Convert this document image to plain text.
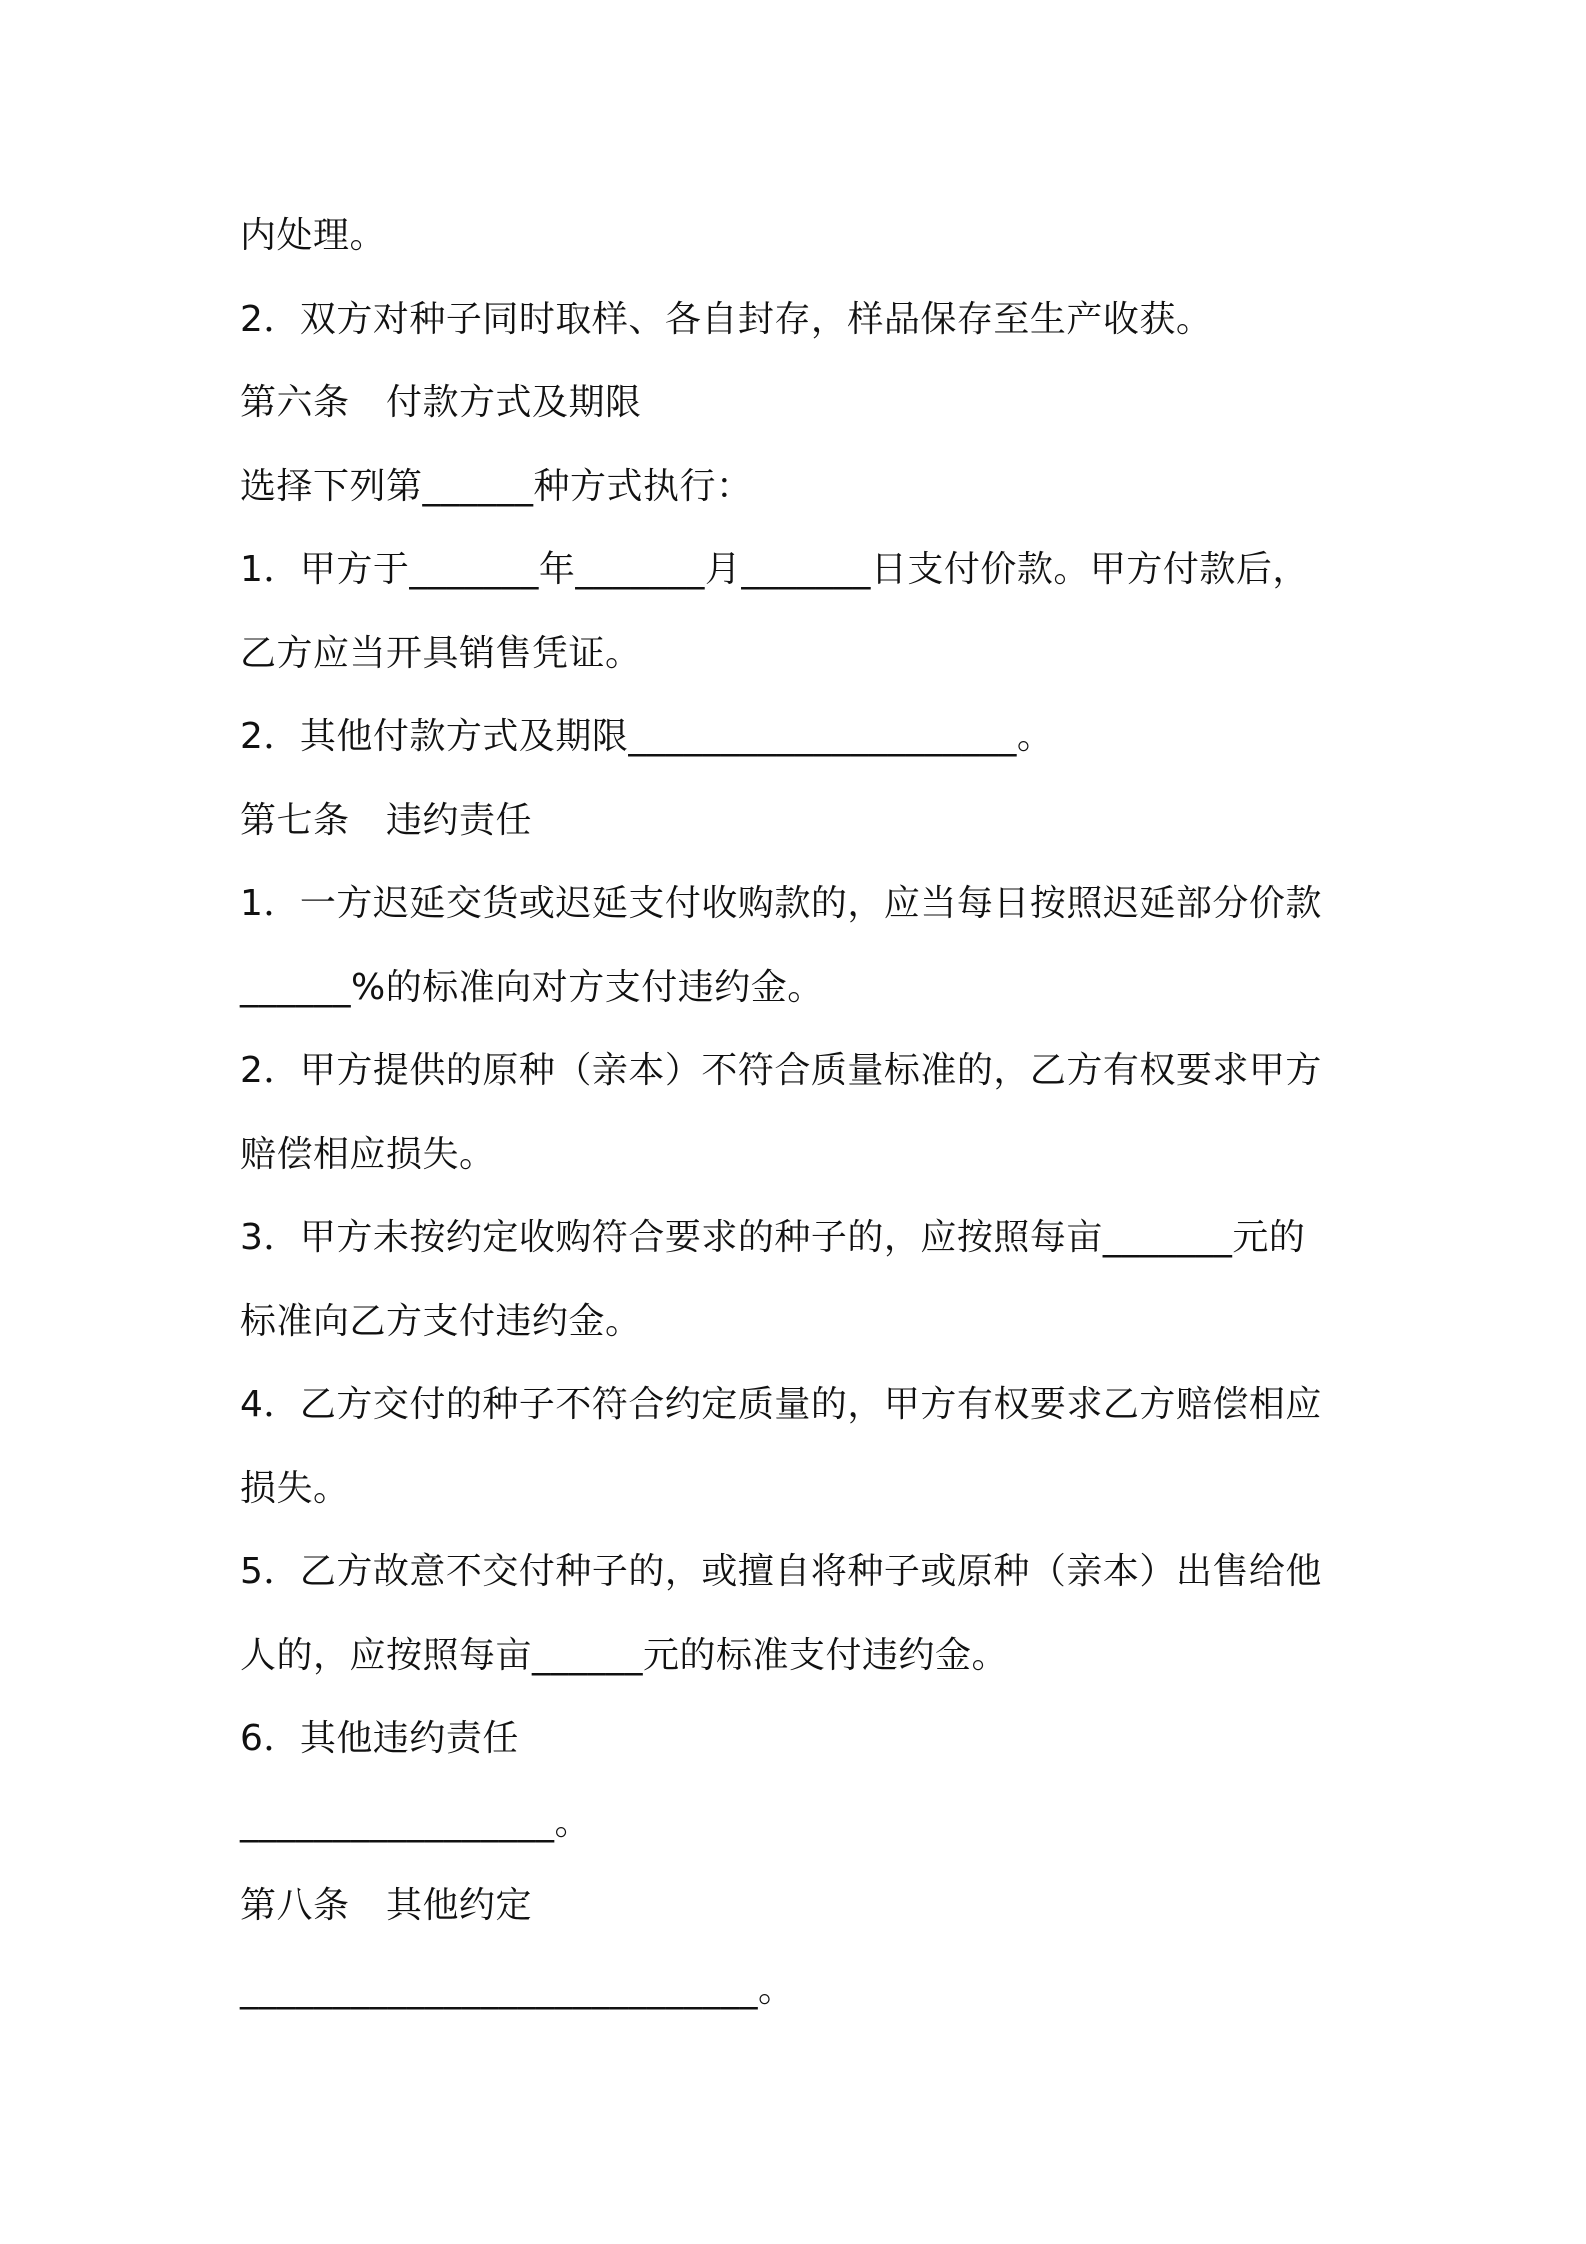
内处理。
2．双方对种子同时取样、各自封存，样品保存至生产收获。
第六条　付款方式及期限
选择下列第______种方式执行：
1．甲方于_______年_______月_______日支付价款。甲方付款后，
乙方应当开具销售凭证。
2．其他付款方式及期限_____________________。
第七条　违约责任
1．一方迟延交货或迟延支付收购款的，应当每日按照迟延部分价款
______%的标准向对方支付违约金。
2．甲方提供的原种（亲本）不符合质量标准的，乙方有权要求甲方
赔偿相应损失。
3．甲方未按约定收购符合要求的种子的，应按照每亩_______元的
标准向乙方支付违约金。
4．乙方交付的种子不符合约定质量的，甲方有权要求乙方赔偿相应
损失。
5．乙方故意不交付种子的，或擅自将种子或原种（亲本）出售给他
人的，应按照每亩______元的标准支付违约金。
6．其他违约责任
_________________。
第八条　其他约定
____________________________。
